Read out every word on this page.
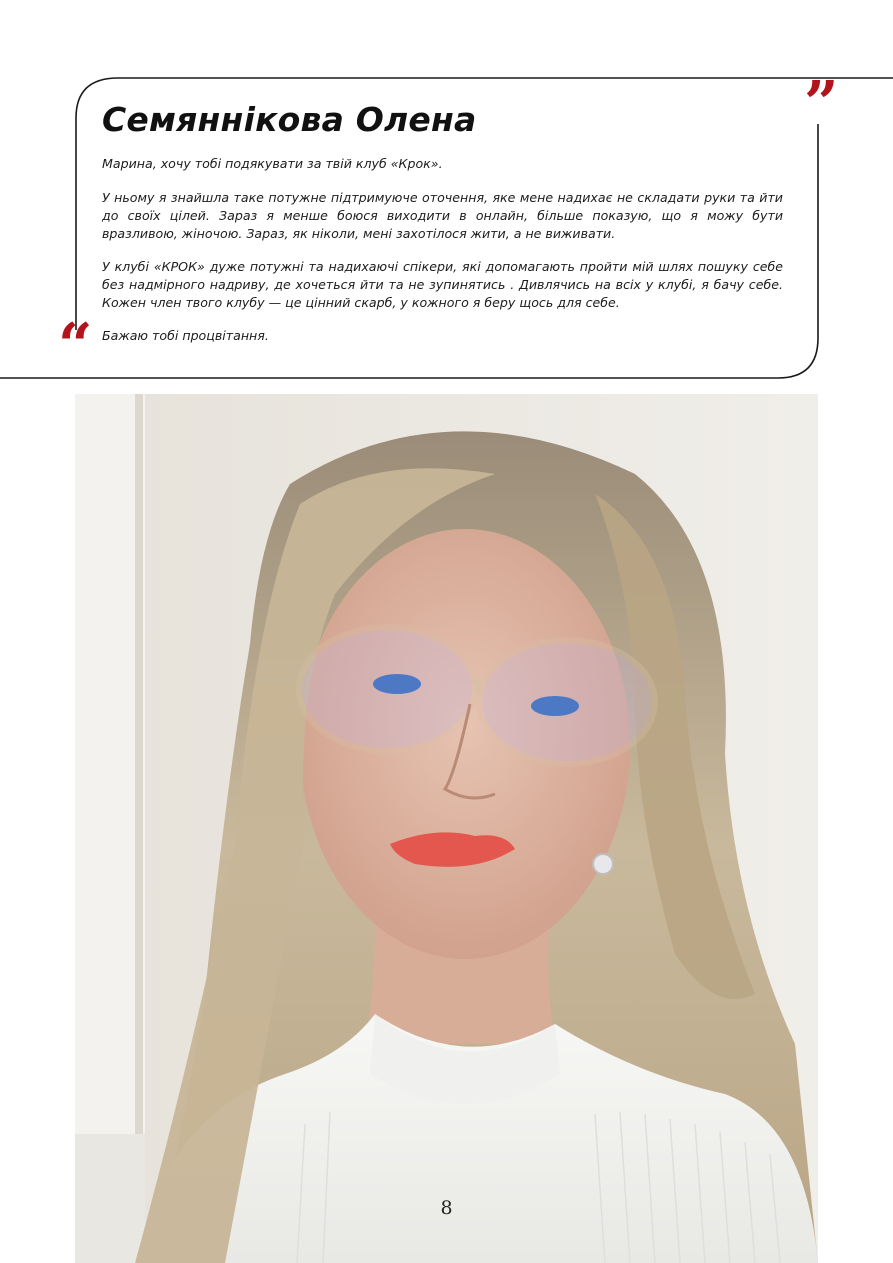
”
“
Семяннікова Олена

Марина, хочу тобі подякувати за твій клуб «Крок».

У ньому я знайшла таке потужне підтримуюче оточення, яке мене надихає не складати руки та йти до своїх цілей. Зараз я менше боюся виходити в онлайн, більше показую, що я можу бути вразливою, жіночою. Зараз, як ніколи, мені захотілося жити, а не виживати.

У клубі «КРОК» дуже потужні та надихаючі спікери, які допомагають пройти мій шлях пошуку себе без надмірного надриву, де хочеться йти та не зупинятись . Дивлячись на всіх у клубі, я бачу себе. Кожен член твого клубу — це цінний скарб, у кожного я беру щось для себе.

Бажаю тобі процвітання.

8
